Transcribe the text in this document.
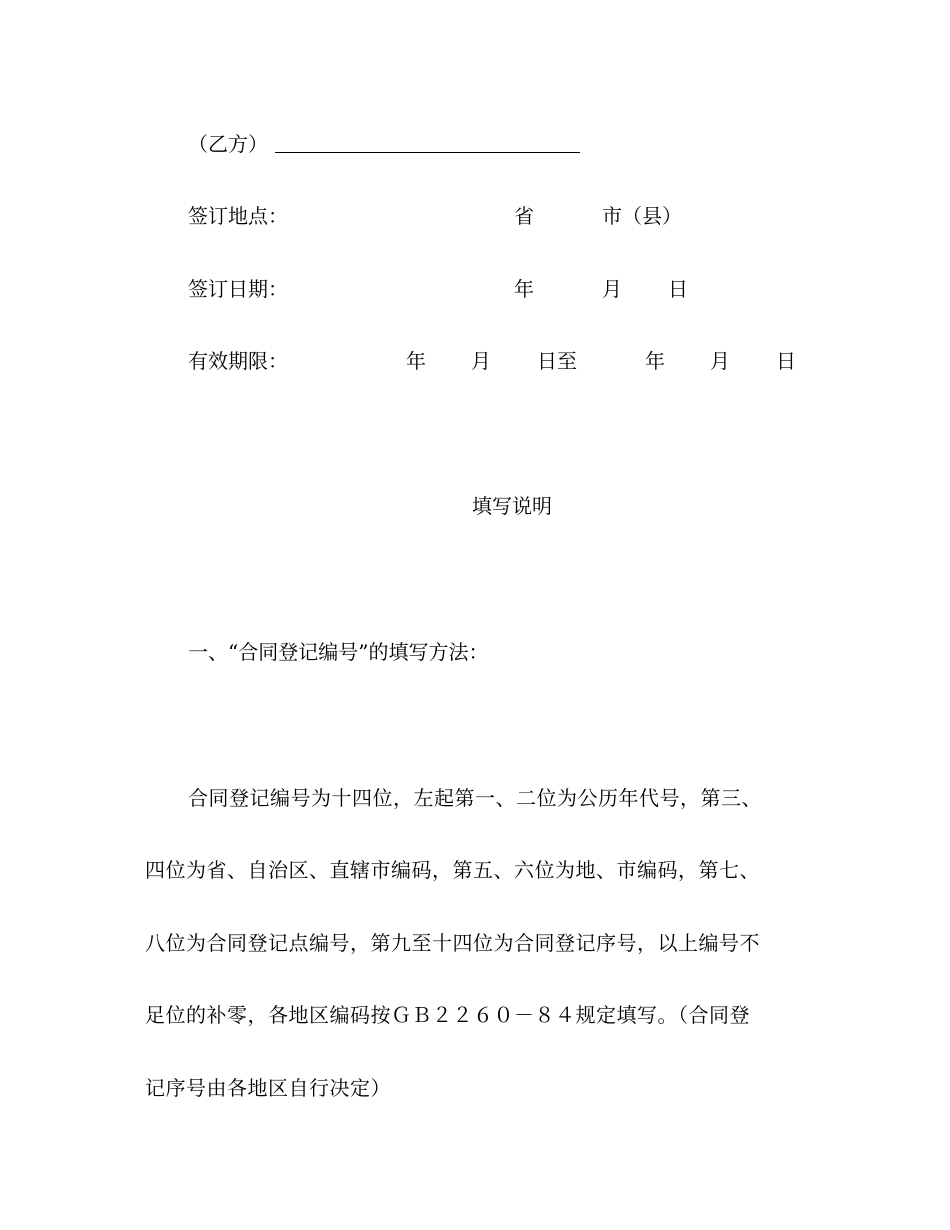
（乙方）
签订地点：	省	市（县）
签订日期：	年	月 日
有效期限：	年 月 日至	年 月 日
填写说明
一、“合同登记编号”的填写方法：
合同登记编号为十四位，左起第一、二位为公历年代号，第三、
四位为省、自治区、直辖市编码，第五、六位为地、市编码，第七、
八位为合同登记点编号，第九至十四位为合同登记序号，以上编号不
足位的补零，各地区编码按ＧＢ２２６０－８４规定填写。（合同登
记序号由各地区自行决定）
